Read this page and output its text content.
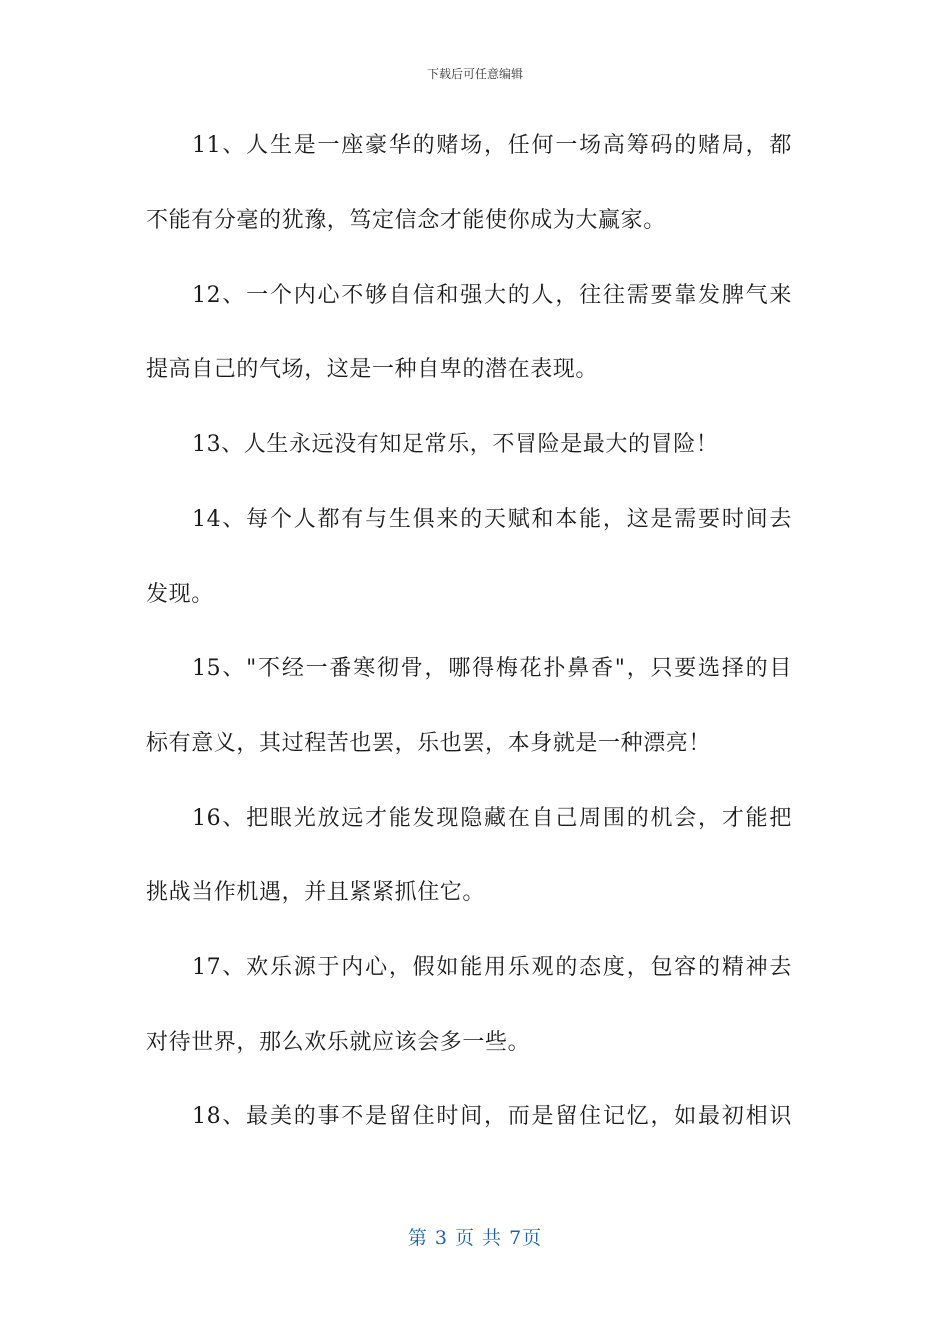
下载后可任意编辑
11、人生是一座豪华的赌场，任何一场高筹码的赌局，都
不能有分毫的犹豫，笃定信念才能使你成为大赢家。
12、一个内心不够自信和强大的人，往往需要靠发脾气来
提高自己的气场，这是一种自卑的潜在表现。
13、人生永远没有知足常乐，不冒险是最大的冒险！
14、每个人都有与生俱来的天赋和本能，这是需要时间去
发现。
15、"不经一番寒彻骨，哪得梅花扑鼻香"，只要选择的目
标有意义，其过程苦也罢，乐也罢，本身就是一种漂亮！
16、把眼光放远才能发现隐藏在自己周围的机会，才能把
挑战当作机遇，并且紧紧抓住它。
17、欢乐源于内心，假如能用乐观的态度，包容的精神去
对待世界，那么欢乐就应该会多一些。
18、最美的事不是留住时间，而是留住记忆，如最初相识
第 3 页 共 7页
